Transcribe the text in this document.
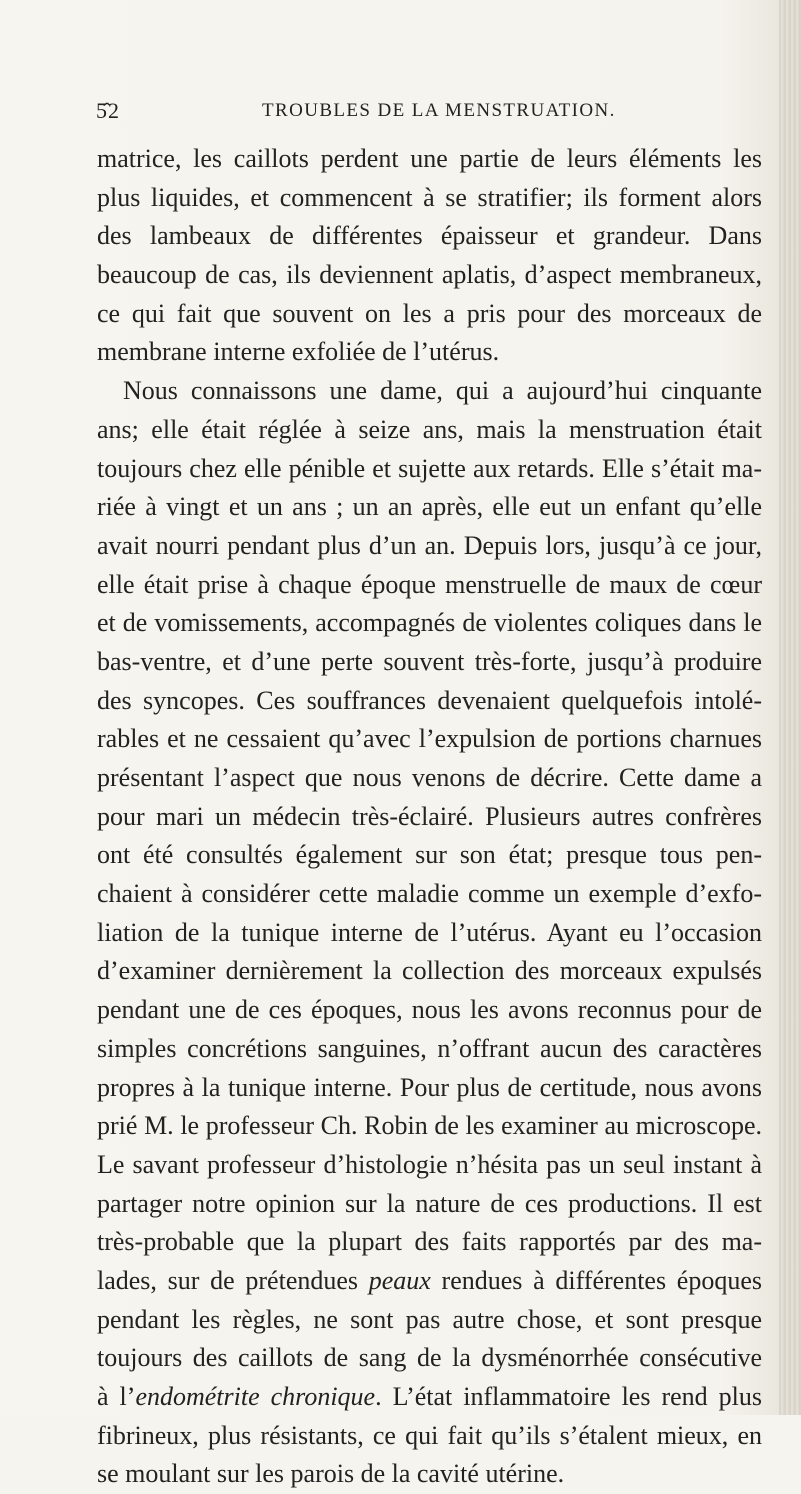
5̂2	TROUBLES DE LA MENSTRUATION.
matrice, les caillots perdent une partie de leurs éléments les
plus liquides, et commencent à se stratifier; ils forment alors
des lambeaux de différentes épaisseur et grandeur. Dans
beaucoup de cas, ils deviennent aplatis, d’aspect membraneux,
ce qui fait que souvent on les a pris pour des morceaux de
membrane interne exfoliée de l’utérus.
Nous connaissons une dame, qui a aujourd’hui cinquante
ans; elle était réglée à seize ans, mais la menstruation était
toujours chez elle pénible et sujette aux retards. Elle s’était ma-
riée à vingt et un ans ; un an après, elle eut un enfant qu’elle
avait nourri pendant plus d’un an. Depuis lors, jusqu’à ce jour,
elle était prise à chaque époque menstruelle de maux de cœur
et de vomissements, accompagnés de violentes coliques dans le
bas-ventre, et d’une perte souvent très-forte, jusqu’à produire
des syncopes. Ces souffrances devenaient quelquefois intolé-
rables et ne cessaient qu’avec l’expulsion de portions charnues
présentant l’aspect que nous venons de décrire. Cette dame a
pour mari un médecin très-éclairé. Plusieurs autres confrères
ont été consultés également sur son état; presque tous pen-
chaient à considérer cette maladie comme un exemple d’exfo-
liation de la tunique interne de l’utérus. Ayant eu l’occasion
d’examiner dernièrement la collection des morceaux expulsés
pendant une de ces époques, nous les avons reconnus pour de
simples concrétions sanguines, n’offrant aucun des caractères
propres à la tunique interne. Pour plus de certitude, nous avons
prié M. le professeur Ch. Robin de les examiner au microscope.
Le savant professeur d’histologie n’hésita pas un seul instant à
partager notre opinion sur la nature de ces productions. Il est
très-probable que la plupart des faits rapportés par des ma-
lades, sur de prétendues peaux rendues à différentes époques
pendant les règles, ne sont pas autre chose, et sont presque
toujours des caillots de sang de la dysménorrhée consécutive
à l’endométrite chronique. L’état inflammatoire les rend plus
fibrineux, plus résistants, ce qui fait qu’ils s’étalent mieux, en
se moulant sur les parois de la cavité utérine.
